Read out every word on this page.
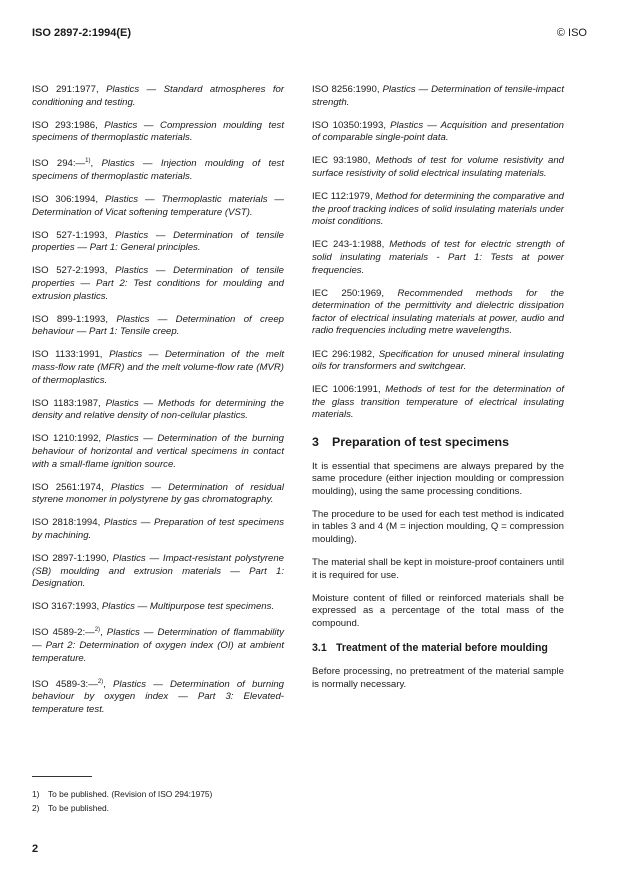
ISO 2897-2:1994(E)	© ISO

ISO 291:1977, Plastics — Standard atmospheres for conditioning and testing.

ISO 293:1986, Plastics — Compression moulding test specimens of thermoplastic materials.

ISO 294:—$^{1)}$, Plastics — Injection moulding of test specimens of thermoplastic materials.

ISO 306:1994, Plastics — Thermoplastic materials — Determination of Vicat softening temperature (VST).

ISO 527-1:1993, Plastics — Determination of tensile properties — Part 1: General principles.

ISO 527-2:1993, Plastics — Determination of tensile properties — Part 2: Test conditions for moulding and extrusion plastics.

ISO 899-1:1993, Plastics — Determination of creep behaviour — Part 1: Tensile creep.

ISO 1133:1991, Plastics — Determination of the melt mass-flow rate (MFR) and the melt volume-flow rate (MVR) of thermoplastics.

ISO 1183:1987, Plastics — Methods for determining the density and relative density of non-cellular plastics.

ISO 1210:1992, Plastics — Determination of the burning behaviour of horizontal and vertical specimens in contact with a small-flame ignition source.

ISO 2561:1974, Plastics — Determination of residual styrene monomer in polystyrene by gas chromatography.

ISO 2818:1994, Plastics — Preparation of test specimens by machining.

ISO 2897-1:1990, Plastics — Impact-resistant polystyrene (SB) moulding and extrusion materials — Part 1: Designation.

ISO 3167:1993, Plastics — Multipurpose test specimens.

ISO 4589-2:—$^{2)}$, Plastics — Determination of flammability — Part 2: Determination of oxygen index (OI) at ambient temperature.

ISO 4589-3:—$^{2)}$, Plastics — Determination of burning behaviour by oxygen index — Part 3: Elevated-temperature test.

ISO 8256:1990, Plastics — Determination of tensile-impact strength.

ISO 10350:1993, Plastics — Acquisition and presentation of comparable single-point data.

IEC 93:1980, Methods of test for volume resistivity and surface resistivity of solid electrical insulating materials.

IEC 112:1979, Method for determining the comparative and the proof tracking indices of solid insulating materials under moist conditions.

IEC 243-1:1988, Methods of test for electric strength of solid insulating materials - Part 1: Tests at power frequencies.

IEC 250:1969, Recommended methods for the determination of the permittivity and dielectric dissipation factor of electrical insulating materials at power, audio and radio frequencies including metre wavelengths.

IEC 296:1982, Specification for unused mineral insulating oils for transformers and switchgear.

IEC 1006:1991, Methods of test for the determination of the glass transition temperature of electrical insulating materials.

3	Preparation of test specimens

It is essential that specimens are always prepared by the same procedure (either injection moulding or compression moulding), using the same processing conditions.

The procedure to be used for each test method is indicated in tables 3 and 4 (M = injection moulding, Q = compression moulding).

The material shall be kept in moisture-proof containers until it is required for use.

Moisture content of filled or reinforced materials shall be expressed as a percentage of the total mass of the compound.

3.1 Treatment of the material before moulding

Before processing, no pretreatment of the material sample is normally necessary.

1)	To be published. (Revision of ISO 294:1975)
2)	To be published.
2
